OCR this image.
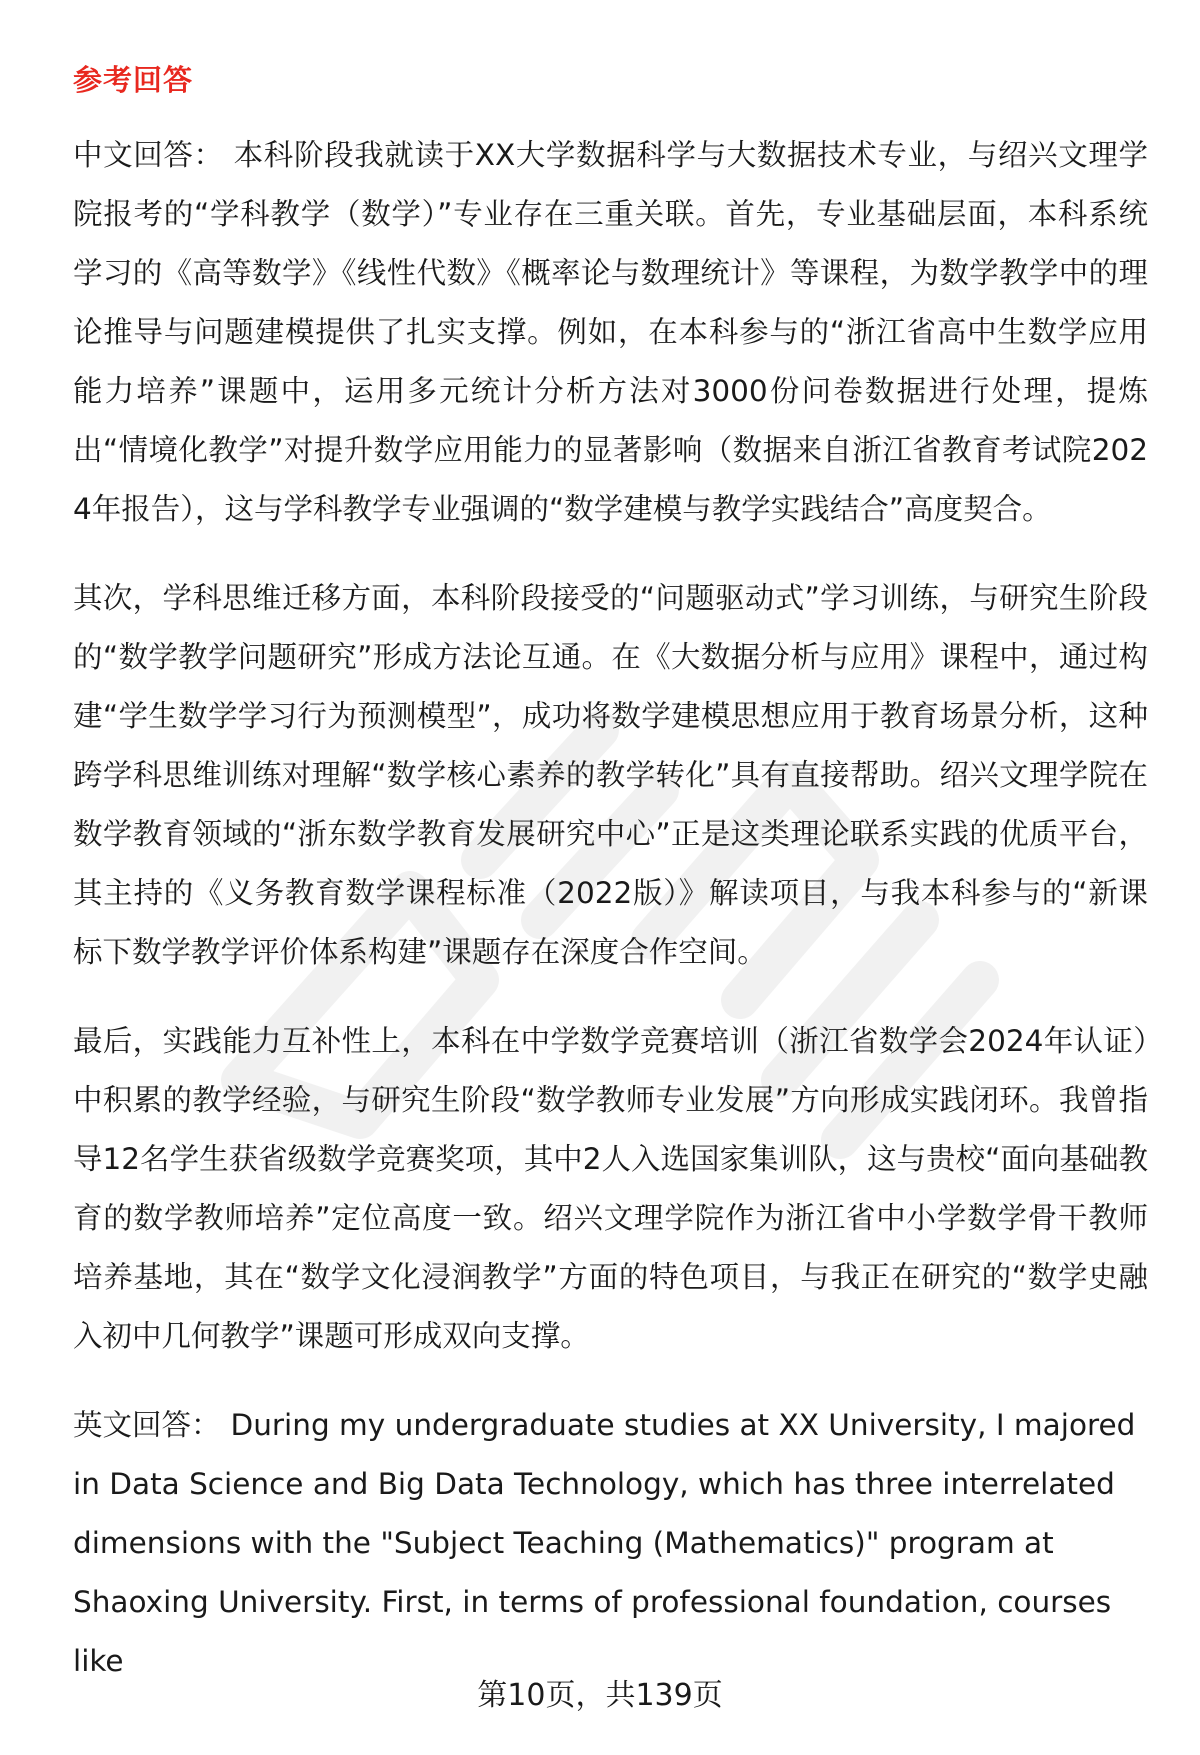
参考回答

中文回答： 本科阶段我就读于XX大学数据科学与大数据技术专业，与绍兴文理学院报考的“学科教学（数学）”专业存在三重关联。首先，专业基础层面，本科系统学习的《高等数学》《线性代数》《概率论与数理统计》等课程，为数学教学中的理论推导与问题建模提供了扎实支撑。例如，在本科参与的“浙江省高中生数学应用能力培养”课题中，运用多元统计分析方法对3000份问卷数据进行处理，提炼出“情境化教学”对提升数学应用能力的显著影响（数据来自浙江省教育考试院2024年报告），这与学科教学专业强调的“数学建模与教学实践结合”高度契合。

其次，学科思维迁移方面，本科阶段接受的“问题驱动式”学习训练，与研究生阶段的“数学教学问题研究”形成方法论互通。在《大数据分析与应用》课程中，通过构建“学生数学学习行为预测模型”，成功将数学建模思想应用于教育场景分析，这种跨学科思维训练对理解“数学核心素养的教学转化”具有直接帮助。绍兴文理学院在数学教育领域的“浙东数学教育发展研究中心”正是这类理论联系实践的优质平台，其主持的《义务教育数学课程标准（2022版）》解读项目，与我本科参与的“新课标下数学教学评价体系构建”课题存在深度合作空间。

最后，实践能力互补性上，本科在中学数学竞赛培训（浙江省数学会2024年认证）中积累的教学经验，与研究生阶段“数学教师专业发展”方向形成实践闭环。我曾指导12名学生获省级数学竞赛奖项，其中2人入选国家集训队，这与贵校“面向基础教育的数学教师培养”定位高度一致。绍兴文理学院作为浙江省中小学数学骨干教师培养基地，其在“数学文化浸润教学”方面的特色项目，与我正在研究的“数学史融入初中几何教学”课题可形成双向支撑。

英文回答： During my undergraduate studies at XX University, I majored in Data Science and Big Data Technology, which has three interrelated dimensions with the "Subject Teaching (Mathematics)" program at Shaoxing University. First, in terms of professional foundation, courses like

第10页，共139页
